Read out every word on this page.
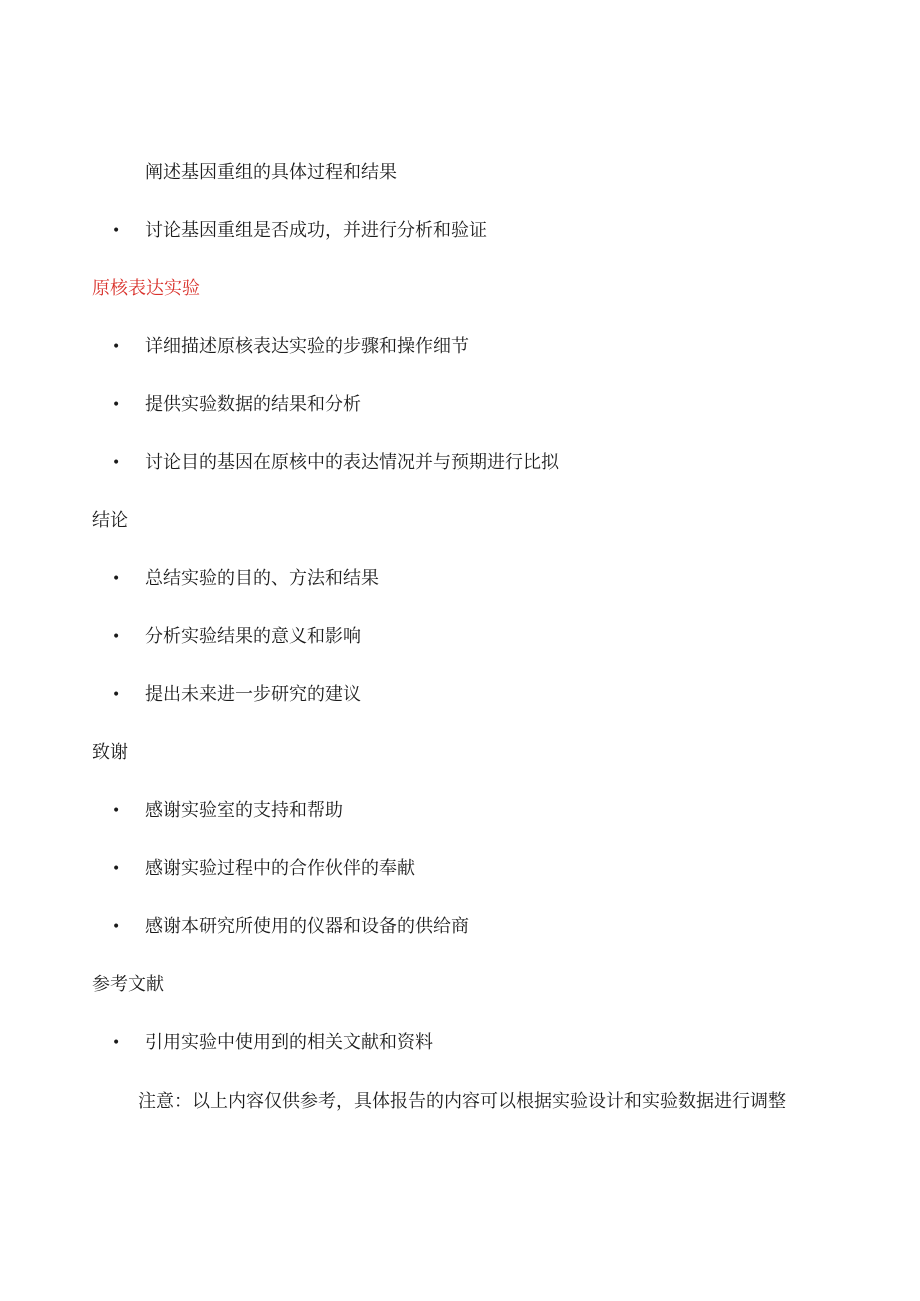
阐述基因重组的具体过程和结果
• 讨论基因重组是否成功，并进行分析和验证
原核表达实验
• 详细描述原核表达实验的步骤和操作细节
• 提供实验数据的结果和分析
• 讨论目的基因在原核中的表达情况并与预期进行比拟
结论
• 总结实验的目的、方法和结果
• 分析实验结果的意义和影响
• 提出未来进一步研究的建议
致谢
• 感谢实验室的支持和帮助
• 感谢实验过程中的合作伙伴的奉献
• 感谢本研究所使用的仪器和设备的供给商
参考文献
• 引用实验中使用到的相关文献和资料
注意：以上内容仅供参考，具体报告的内容可以根据实验设计和实验数据进行调整
